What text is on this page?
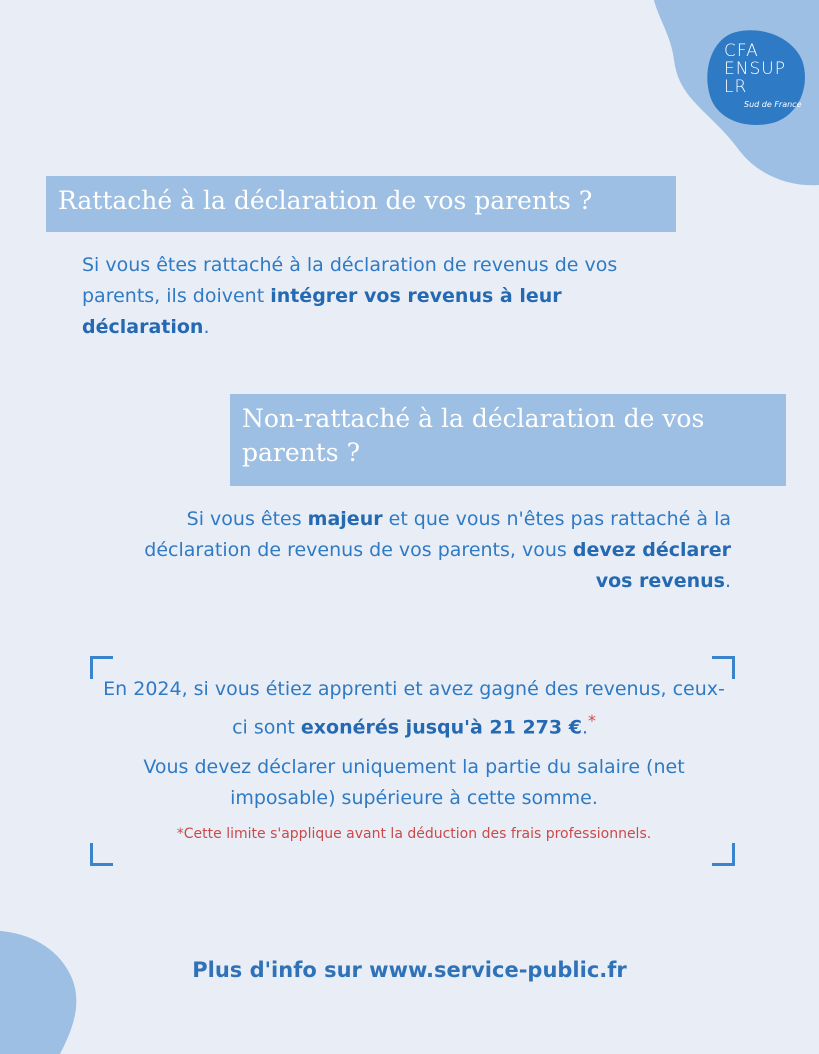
CFA
ENSUP
LR
Sud de France
Rattaché à la déclaration de vos parents ?
Si vous êtes rattaché à la déclaration de revenus de vos parents, ils doivent intégrer vos revenus à leur déclaration.
Non-rattaché à la déclaration de vos parents ?
Si vous êtes majeur et que vous n'êtes pas rattaché à la déclaration de revenus de vos parents, vous devez déclarer vos revenus.
En 2024, si vous étiez apprenti et avez gagné des revenus, ceux-ci sont exonérés jusqu'à 21 273 €.*
Vous devez déclarer uniquement la partie du salaire (net imposable) supérieure à cette somme.
*Cette limite s'applique avant la déduction des frais professionnels.
Plus d'info sur www.service-public.fr
